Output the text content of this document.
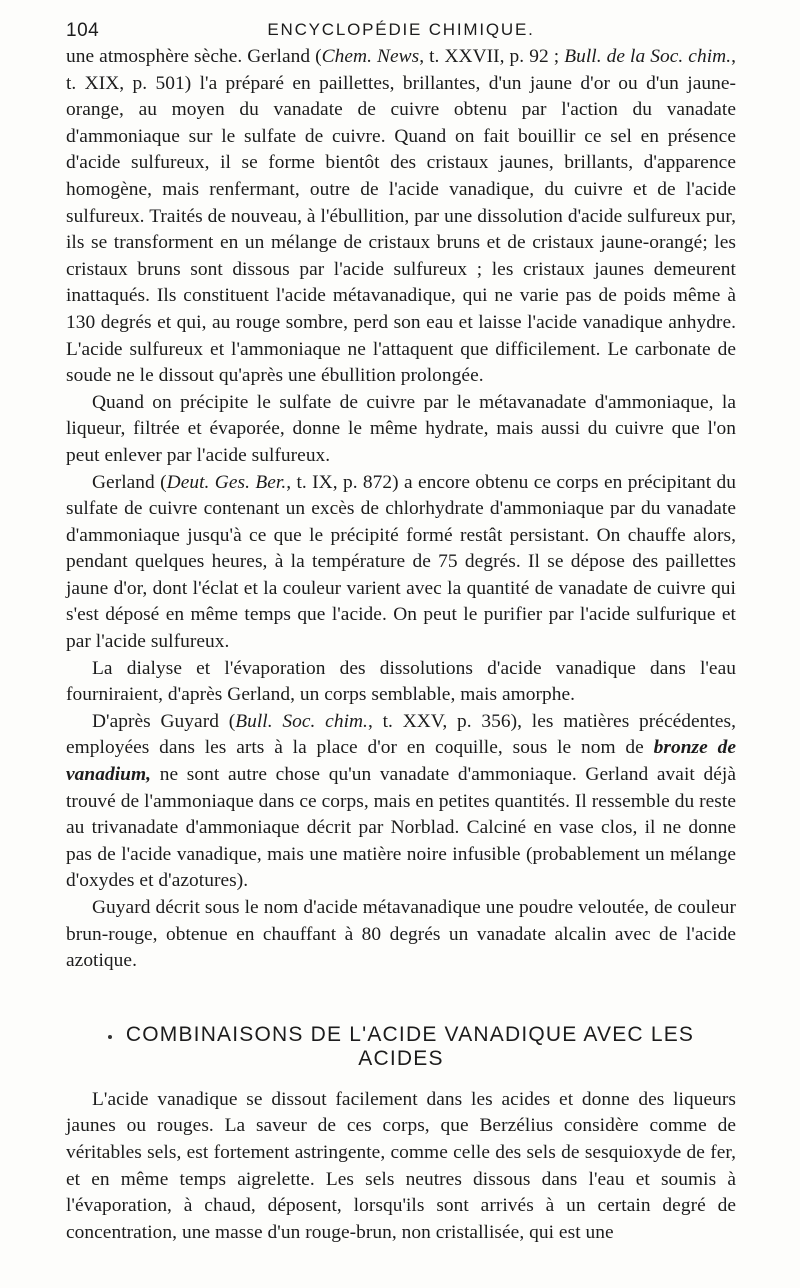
104	ENCYCLOPÉDIE CHIMIQUE.

une atmosphère sèche. Gerland (Chem. News, t. XXVII, p. 92 ; Bull. de la Soc. chim., t. XIX, p. 501) l'a préparé en paillettes, brillantes, d'un jaune d'or ou d'un jaune-orange, au moyen du vanadate de cuivre obtenu par l'action du vanadate d'ammoniaque sur le sulfate de cuivre. Quand on fait bouillir ce sel en présence d'acide sulfureux, il se forme bientôt des cristaux jaunes, brillants, d'apparence homogène, mais renfermant, outre de l'acide vanadique, du cuivre et de l'acide sulfureux. Traités de nouveau, à l'ébullition, par une dissolution d'acide sulfureux pur, ils se transforment en un mélange de cristaux bruns et de cristaux jaune-orangé; les cristaux bruns sont dissous par l'acide sulfureux ; les cristaux jaunes demeurent inattaqués. Ils constituent l'acide métavanadique, qui ne varie pas de poids même à 130 degrés et qui, au rouge sombre, perd son eau et laisse l'acide vanadique anhydre. L'acide sulfureux et l'ammoniaque ne l'attaquent que difficilement. Le carbonate de soude ne le dissout qu'après une ébullition prolongée.

Quand on précipite le sulfate de cuivre par le métavanadate d'ammoniaque, la liqueur, filtrée et évaporée, donne le même hydrate, mais aussi du cuivre que l'on peut enlever par l'acide sulfureux.

Gerland (Deut. Ges. Ber., t. IX, p. 872) a encore obtenu ce corps en précipitant du sulfate de cuivre contenant un excès de chlorhydrate d'ammoniaque par du vanadate d'ammoniaque jusqu'à ce que le précipité formé restât persistant. On chauffe alors, pendant quelques heures, à la température de 75 degrés. Il se dépose des paillettes jaune d'or, dont l'éclat et la couleur varient avec la quantité de vanadate de cuivre qui s'est déposé en même temps que l'acide. On peut le purifier par l'acide sulfurique et par l'acide sulfureux.

La dialyse et l'évaporation des dissolutions d'acide vanadique dans l'eau fourniraient, d'après Gerland, un corps semblable, mais amorphe.

D'après Guyard (Bull. Soc. chim., t. XXV, p. 356), les matières précédentes, employées dans les arts à la place d'or en coquille, sous le nom de bronze de vanadium, ne sont autre chose qu'un vanadate d'ammoniaque. Gerland avait déjà trouvé de l'ammoniaque dans ce corps, mais en petites quantités. Il ressemble du reste au trivanadate d'ammoniaque décrit par Norblad. Calciné en vase clos, il ne donne pas de l'acide vanadique, mais une matière noire infusible (probablement un mélange d'oxydes et d'azotures).

Guyard décrit sous le nom d'acide métavanadique une poudre veloutée, de couleur brun-rouge, obtenue en chauffant à 80 degrés un vanadate alcalin avec de l'acide azotique.

COMBINAISONS DE L'ACIDE VANADIQUE AVEC LES ACIDES

L'acide vanadique se dissout facilement dans les acides et donne des liqueurs jaunes ou rouges. La saveur de ces corps, que Berzélius considère comme de véritables sels, est fortement astringente, comme celle des sels de sesquioxyde de fer, et en même temps aigrelette. Les sels neutres dissous dans l'eau et soumis à l'évaporation, à chaud, déposent, lorsqu'ils sont arrivés à un certain degré de concentration, une masse d'un rouge-brun, non cristallisée, qui est une
